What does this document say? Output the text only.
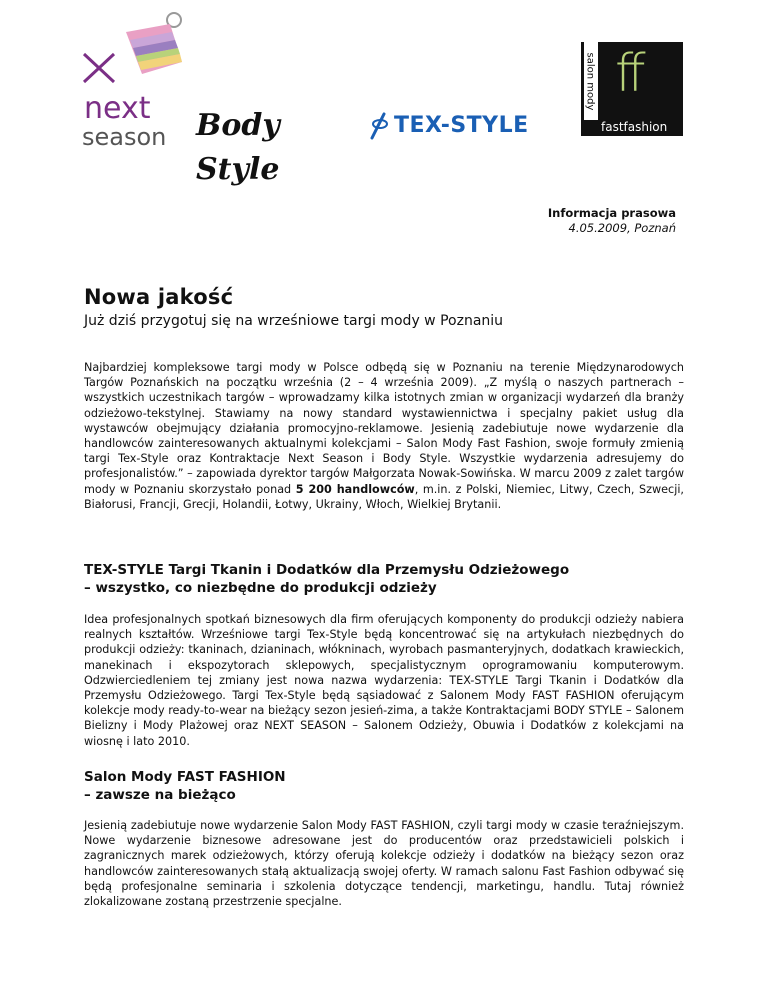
next
season Body Style
TEX-STYLE
salon mody ff
fastfashion
Informacja prasowa
4.05.2009, Poznań
Nowa jakość
Już dziś przygotuj się na wrześniowe targi mody w Poznaniu

Najbardziej kompleksowe targi mody w Polsce odbędą się w Poznaniu na terenie Międzynarodowych Targów Poznańskich na początku września (2 – 4 września 2009). „Z myślą o naszych partnerach – wszystkich uczestnikach targów – wprowadzamy kilka istotnych zmian w organizacji wydarzeń dla branży odzieżowo-tekstylnej. Stawiamy na nowy standard wystawiennictwa i specjalny pakiet usług dla wystawców obejmujący działania promocyjno-reklamowe. Jesienią zadebiutuje nowe wydarzenie dla handlowców zainteresowanych aktualnymi kolekcjami – Salon Mody Fast Fashion, swoje formuły zmienią targi Tex-Style oraz Kontraktacje Next Season i Body Style. Wszystkie wydarzenia adresujemy do profesjonalistów.” – zapowiada dyrektor targów Małgorzata Nowak-Sowińska. W marcu 2009 z zalet targów mody w Poznaniu skorzystało ponad 5 200 handlowców, m.in. z Polski, Niemiec, Litwy, Czech, Szwecji, Białorusi, Francji, Grecji, Holandii, Łotwy, Ukrainy, Włoch, Wielkiej Brytanii.

TEX-STYLE Targi Tkanin i Dodatków dla Przemysłu Odzieżowego
– wszystko, co niezbędne do produkcji odzieży

Idea profesjonalnych spotkań biznesowych dla firm oferujących komponenty do produkcji odzieży nabiera realnych kształtów. Wrześniowe targi Tex-Style będą koncentrować się na artykułach niezbędnych do produkcji odzieży: tkaninach, dzianinach, włókninach, wyrobach pasmanteryjnych, dodatkach krawieckich, manekinach i ekspozytorach sklepowych, specjalistycznym oprogramowaniu komputerowym. Odzwierciedleniem tej zmiany jest nowa nazwa wydarzenia: TEX-STYLE Targi Tkanin i Dodatków dla Przemysłu Odzieżowego. Targi Tex-Style będą sąsiadować z Salonem Mody FAST FASHION oferującym kolekcje mody ready-to-wear na bieżący sezon jesień-zima, a także Kontraktacjami BODY STYLE – Salonem Bielizny i Mody Plażowej oraz NEXT SEASON – Salonem Odzieży, Obuwia i Dodatków z kolekcjami na wiosnę i lato 2010.

Salon Mody FAST FASHION
– zawsze na bieżąco

Jesienią zadebiutuje nowe wydarzenie Salon Mody FAST FASHION, czyli targi mody w czasie teraźniejszym. Nowe wydarzenie biznesowe adresowane jest do producentów oraz przedstawicieli polskich i zagranicznych marek odzieżowych, którzy oferują kolekcje odzieży i dodatków na bieżący sezon oraz handlowców zainteresowanych stałą aktualizacją swojej oferty. W ramach salonu Fast Fashion odbywać się będą profesjonalne seminaria i szkolenia dotyczące tendencji, marketingu, handlu. Tutaj również zlokalizowane zostaną przestrzenie specjalne.
